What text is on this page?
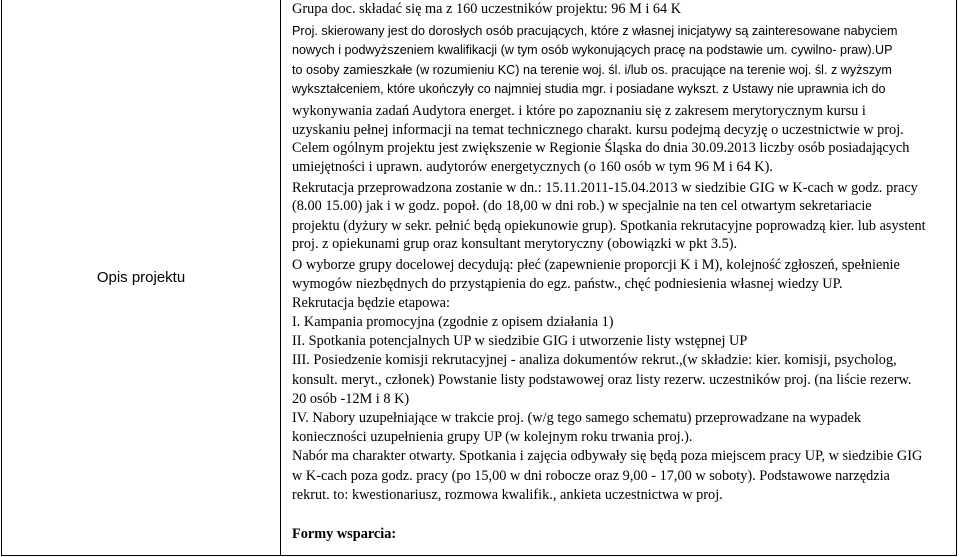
Opis projektu
Grupa doc. składać się ma z 160 uczestników projektu: 96 M i 64 K
Proj. skierowany jest do dorosłych osób pracujących, które z własnej inicjatywy są zainteresowane nabyciem
nowych i podwyższeniem kwalifikacji (w tym osób wykonujących pracę na podstawie um. cywilno- praw).UP
to osoby zamieszkałe (w rozumieniu KC) na terenie woj. śl. i/lub os. pracujące na terenie woj. śl. z wyższym
wykształceniem, które ukończyły co najmniej studia mgr. i posiadane wykszt. z Ustawy nie uprawnia ich do
wykonywania zadań Audytora energet. i które po zapoznaniu się z zakresem merytorycznym kursu i
uzyskaniu pełnej informacji na temat technicznego charakt. kursu podejmą decyzję o uczestnictwie w proj.
Celem ogólnym projektu jest zwiększenie w Regionie Śląska do dnia 30.09.2013 liczby osób posiadających
umiejętności i uprawn. audytorów energetycznych (o 160 osób w tym 96 M i 64 K).
Rekrutacja przeprowadzona zostanie w dn.: 15.11.2011-15.04.2013 w siedzibie GIG w K-cach w godz. pracy
(8.00 15.00) jak i w godz. popoł. (do 18,00 w dni rob.) w specjalnie na ten cel otwartym sekretariacie
projektu (dyżury w sekr. pełnić będą opiekunowie grup). Spotkania rekrutacyjne poprowadzą kier. lub asystent
proj. z opiekunami grup oraz konsultant merytoryczny (obowiązki w pkt 3.5).
O wyborze grupy docelowej decydują: płeć (zapewnienie proporcji K i M), kolejność zgłoszeń, spełnienie
wymogów niezbędnych do przystąpienia do egz. państw., chęć podniesienia własnej wiedzy UP.
Rekrutacja będzie etapowa:
I. Kampania promocyjna (zgodnie z opisem działania 1)
II. Spotkania potencjalnych UP w siedzibie GIG i utworzenie listy wstępnej UP
III. Posiedzenie komisji rekrutacyjnej - analiza dokumentów rekrut.,(w składzie: kier. komisji, psycholog,
konsult. meryt., członek) Powstanie listy podstawowej oraz listy rezerw. uczestników proj. (na liście rezerw.
20 osób -12M i 8 K)
IV. Nabory uzupełniające w trakcie proj. (w/g tego samego schematu) przeprowadzane na wypadek
konieczności uzupełnienia grupy UP (w kolejnym roku trwania proj.).
Nabór ma charakter otwarty. Spotkania i zajęcia odbywały się będą poza miejscem pracy UP, w siedzibie GIG
w K-cach poza godz. pracy (po 15,00 w dni robocze oraz 9,00 - 17,00 w soboty). Podstawowe narzędzia
rekrut. to: kwestionariusz, rozmowa kwalifik., ankieta uczestnictwa w proj.
Formy wsparcia:
